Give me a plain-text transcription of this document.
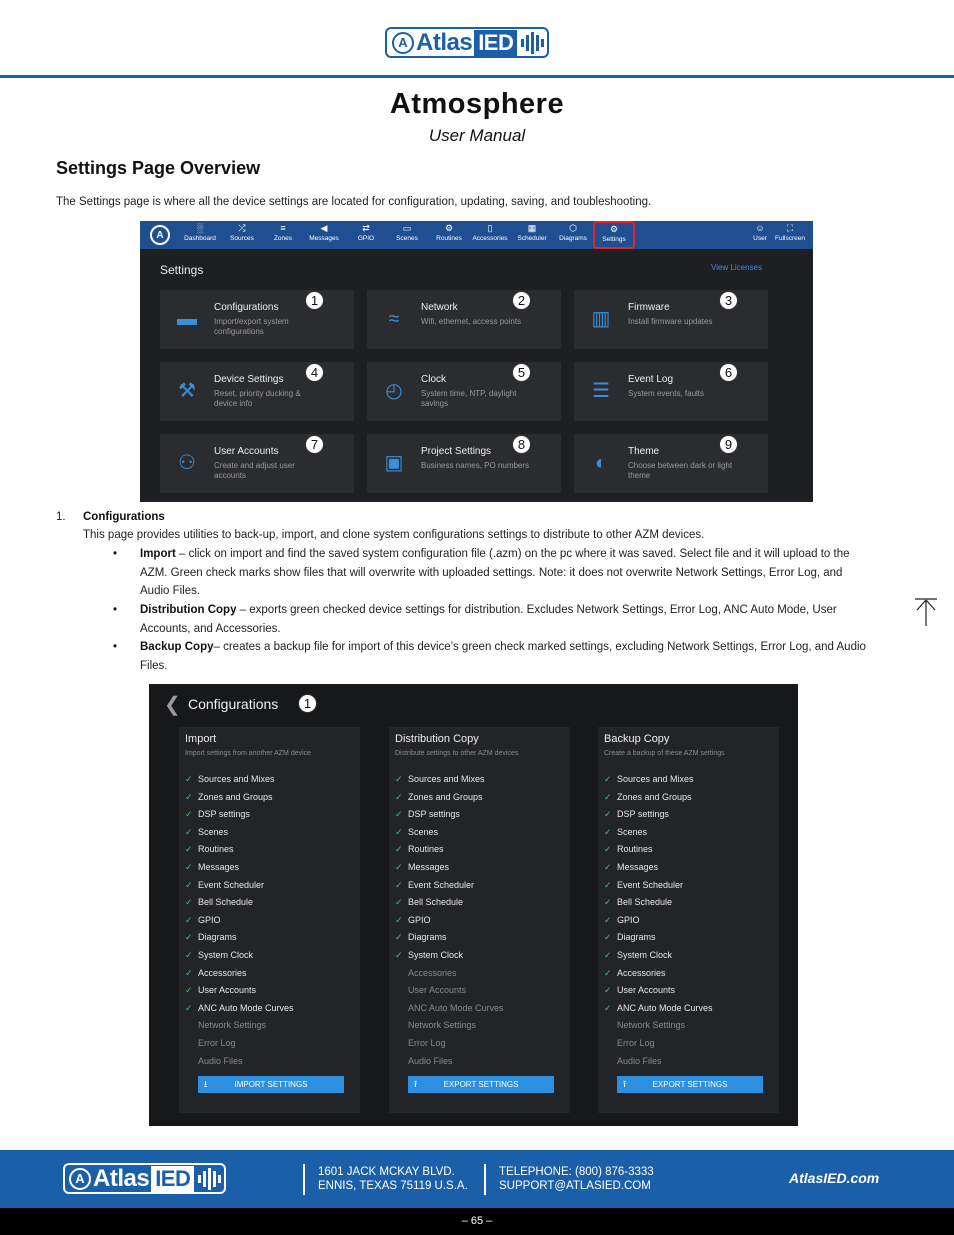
A Atlas IED
Atmosphere
User Manual
Settings Page Overview
The Settings page is where all the device settings are located for configuration, updating, saving, and toubleshooting.
A
░
Dashboard
⤮
Sources
≡
Zones
◀
Messages
⇄
GPIO
▭
Scenes
⚙
Routines
▯
Accessories
▦
Scheduler
⬡
Diagrams
⚙
Settings
☺
User
⛶
Fullscreen
Settings	View Licenses
▬
Configurations
Import/export system configurations
1
≈
Network
Wifi, ethernet, access points
2
▥
Firmware
Install firmware updates
3
⚒
Device Settings
Reset, priority ducking & device info
4
◴
Clock
System time, NTP, daylight savings
5
☰
Event Log
System events, faults
6
⚇
User Accounts
Create and adjust user accounts
7
▣
Project Settings
Business names, PO numbers
8
◐
Theme
Choose between dark or light theme
9
1. Configurations
This page provides utilities to back-up, import, and clone system configurations settings to distribute to other AZM devices.
• Import – click on import and find the saved system configuration file (.azm) on the pc where it was saved. Select file and it will upload to the AZM. Green check marks show files that will overwrite with uploaded settings. Note: it does not overwrite Network Settings, Error Log, and Audio Files.
• Distribution Copy – exports green checked device settings for distribution. Excludes Network Settings, Error Log, ANC Auto Mode, User Accounts, and Accessories.
• Backup Copy– creates a backup file for import of this device’s green check marked settings, excluding Network Settings, Error Log, and Audio Files.
❮ Configurations	1
Import
Import settings from another AZM device
✓ Sources and Mixes
✓ Zones and Groups
✓ DSP settings
✓ Scenes
✓ Routines
✓ Messages
✓ Event Scheduler
✓ Bell Schedule
✓ GPIO
✓ Diagrams
✓ System Clock
✓ Accessories
✓ User Accounts
✓ ANC Auto Mode Curves
Network Settings
Error Log
Audio Files
⭳	IMPORT SETTINGS
Distribution Copy
Distribute settings to other AZM devices
✓ Sources and Mixes
✓ Zones and Groups
✓ DSP settings
✓ Scenes
✓ Routines
✓ Messages
✓ Event Scheduler
✓ Bell Schedule
✓ GPIO
✓ Diagrams
✓ System Clock
Accessories
User Accounts
ANC Auto Mode Curves
Network Settings
Error Log
Audio Files
⭱	EXPORT SETTINGS
Backup Copy
Create a backup of these AZM settings
✓ Sources and Mixes
✓ Zones and Groups
✓ DSP settings
✓ Scenes
✓ Routines
✓ Messages
✓ Event Scheduler
✓ Bell Schedule
✓ GPIO
✓ Diagrams
✓ System Clock
✓ Accessories
✓ User Accounts
✓ ANC Auto Mode Curves
Network Settings
Error Log
Audio Files
⭱	EXPORT SETTINGS
A Atlas IED	1601 JACK MCKAY BLVD.
ENNIS, TEXAS 75119 U.S.A.
TELEPHONE: (800) 876-3333
SUPPORT@ATLASIED.COM	AtlasIED.com
– 65 –
